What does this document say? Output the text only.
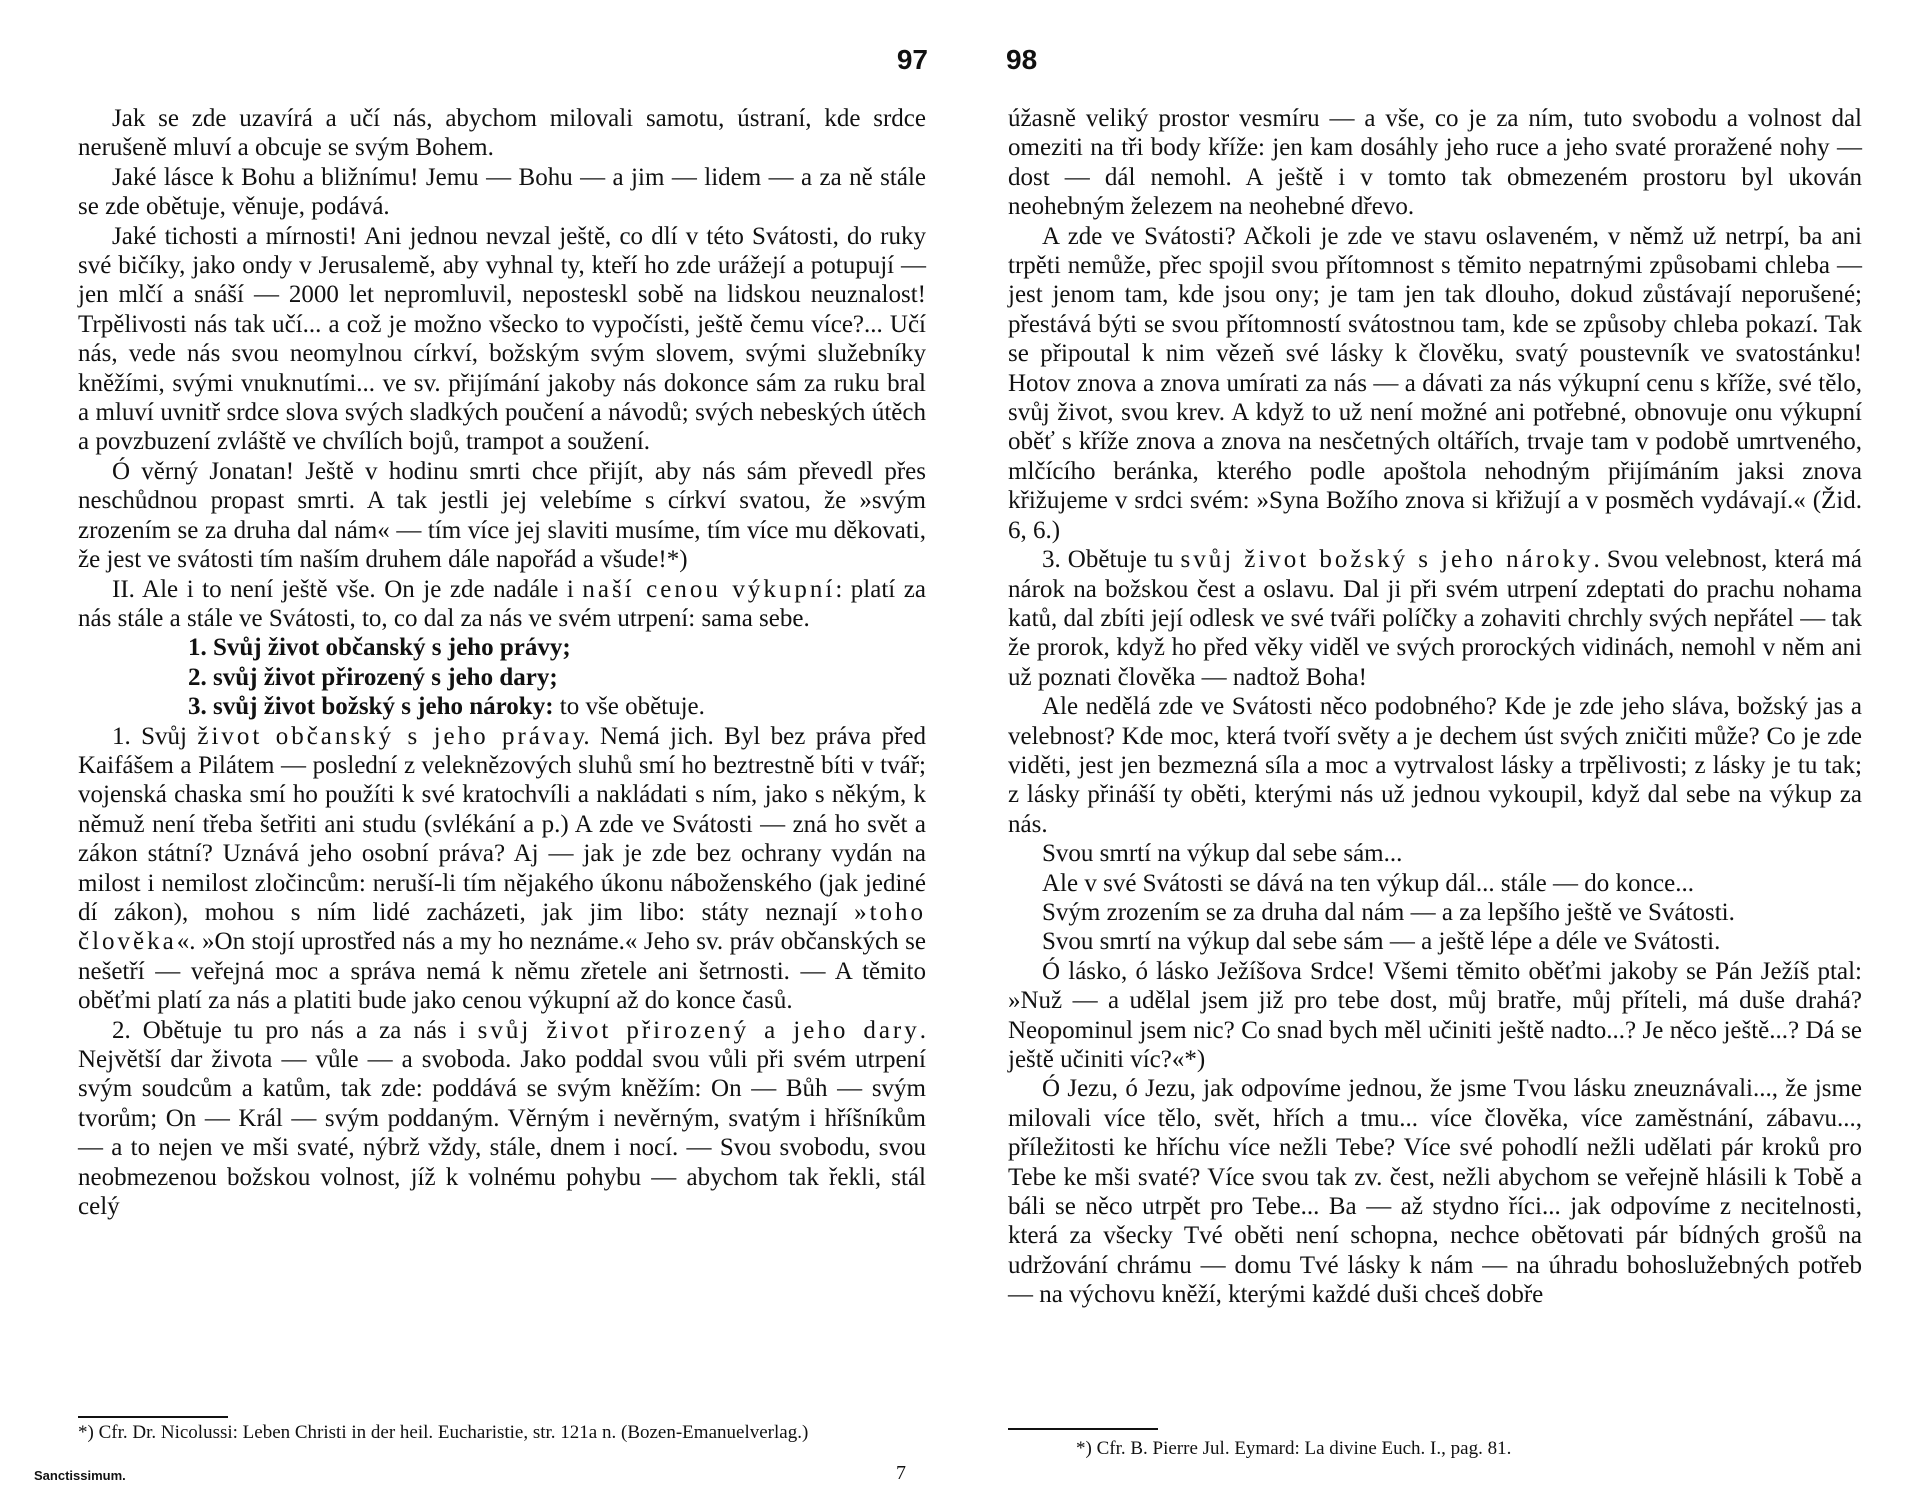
97

Jak se zde uzavírá a učí nás, abychom milovali samotu, ústraní, kde srdce nerušeně mluví a obcuje se svým Bohem.

Jaké lásce k Bohu a bližnímu! Jemu — Bohu — a jim — lidem — a za ně stále se zde obětuje, věnuje, podává.

Jaké tichosti a mírnosti! Ani jednou nevzal ještě, co dlí v této Svátosti, do ruky své bičíky, jako ondy v Jerusalemě, aby vyhnal ty, kteří ho zde urážejí a potupují — jen mlčí a snáší — 2000 let nepromluvil, neposteskl sobě na lidskou neuznalost! Trpělivosti nás tak učí... a což je možno všecko to vypočísti, ještě čemu více?... Učí nás, vede nás svou neomylnou církví, božským svým slovem, svými služebníky kněžími, svými vnuknutími... ve sv. přijímání jakoby nás dokonce sám za ruku bral a mluví uvnitř srdce slova svých sladkých poučení a návodů; svých nebeských útěch a povzbuzení zvláště ve chvílích bojů, trampot a soužení.

Ó věrný Jonatan! Ještě v hodinu smrti chce přijít, aby nás sám převedl přes neschůdnou propast smrti. A tak jestli jej velebíme s církví svatou, že »svým zrozením se za druha dal nám« — tím více jej slaviti musíme, tím více mu děkovati, že jest ve svátosti tím naším druhem dále napořád a všude!*)

II. Ale i to není ještě vše. On je zde nadále i naší cenou výkupní: platí za nás stále a stále ve Svátosti, to, co dal za nás ve svém utrpení: sama sebe.

1. Svůj život občanský s jeho právy;
2. svůj život přirozený s jeho dary;
3. svůj život božský s jeho nároky: to vše obětuje.

1. Svůj život občanský s jeho právay. Nemá jich. Byl bez práva před Kaifášem a Pilátem — poslední z veleknězových sluhů smí ho beztrestně bíti v tvář; vojenská chaska smí ho použíti k své kratochvíli a nakládati s ním, jako s někým, k němuž není třeba šetřiti ani studu (svlékání a p.) A zde ve Svátosti — zná ho svět a zákon státní? Uznává jeho osobní práva? Aj — jak je zde bez ochrany vydán na milost i nemilost zločincům: neruší-li tím nějakého úkonu náboženského (jak jediné dí zákon), mohou s ním lidé zacházeti, jak jim libo: státy neznají »toho člověka«. »On stojí uprostřed nás a my ho neznáme.« Jeho sv. práv občanských se nešetří — veřejná moc a správa nemá k němu zřetele ani šetrnosti. — A těmito oběťmi platí za nás a platiti bude jako cenou výkupní až do konce časů.

2. Obětuje tu pro nás a za nás i svůj život přirozený a jeho dary. Největší dar života — vůle — a svoboda. Jako poddal svou vůli při svém utrpení svým soudcům a katům, tak zde: poddává se svým kněžím: On — Bůh — svým tvorům; On — Král — svým poddaným. Věrným i nevěrným, svatým i hříšníkům — a to nejen ve mši svaté, nýbrž vždy, stále, dnem i nocí. — Svou svobodu, svou neobmezenou božskou volnost, jíž k volnému pohybu — abychom tak řekli, stál celý

*) Cfr. Dr. Nicolussi: Leben Christi in der heil. Eucharistie, str. 121a n. (Bozen-Emanuelverlag.)
Sanctissimum.	7
98

úžasně veliký prostor vesmíru — a vše, co je za ním, tuto svobodu a volnost dal omeziti na tři body kříže: jen kam dosáhly jeho ruce a jeho svaté proražené nohy — dost — dál nemohl. A ještě i v tomto tak obmezeném prostoru byl ukován neohebným železem na neohebné dřevo.

A zde ve Svátosti? Ačkoli je zde ve stavu oslaveném, v němž už netrpí, ba ani trpěti nemůže, přec spojil svou přítomnost s těmito nepatrnými způsobami chleba — jest jenom tam, kde jsou ony; je tam jen tak dlouho, dokud zůstávají neporušené; přestává býti se svou přítomností svátostnou tam, kde se způsoby chleba pokazí. Tak se připoutal k nim vězeň své lásky k člověku, svatý poustevník ve svatostánku! Hotov znova a znova umírati za nás — a dávati za nás výkupní cenu s kříže, své tělo, svůj život, svou krev. A když to už není možné ani potřebné, obnovuje onu výkupní oběť s kříže znova a znova na nesčetných oltářích, trvaje tam v podobě umrtveného, mlčícího beránka, kterého podle apoštola nehodným přijímáním jaksi znova křižujeme v srdci svém: »Syna Božího znova si křižují a v posměch vydávají.« (Žid. 6, 6.)

3. Obětuje tu svůj život božský s jeho nároky. Svou velebnost, která má nárok na božskou čest a oslavu. Dal ji při svém utrpení zdeptati do prachu nohama katů, dal zbíti její odlesk ve své tváři políčky a zohaviti chrchly svých nepřátel — tak že prorok, když ho před věky viděl ve svých prorockých vidinách, nemohl v něm ani už poznati člověka — nadtož Boha!

Ale nedělá zde ve Svátosti něco podobného? Kde je zde jeho sláva, božský jas a velebnost? Kde moc, která tvoří světy a je dechem úst svých zničiti může? Co je zde viděti, jest jen bezmezná síla a moc a vytrvalost lásky a trpělivosti; z lásky je tu tak; z lásky přináší ty oběti, kterými nás už jednou vykoupil, když dal sebe na výkup za nás.

Svou smrtí na výkup dal sebe sám...

Ale v své Svátosti se dává na ten výkup dál... stále — do konce...

Svým zrozením se za druha dal nám — a za lepšího ještě ve Svátosti.

Svou smrtí na výkup dal sebe sám — a ještě lépe a déle ve Svátosti.

Ó lásko, ó lásko Ježíšova Srdce! Všemi těmito oběťmi jakoby se Pán Ježíš ptal: »Nuž — a udělal jsem již pro tebe dost, můj bratře, můj příteli, má duše drahá? Neopominul jsem nic? Co snad bych měl učiniti ještě nadto...? Je něco ještě...? Dá se ještě učiniti víc?«*)

Ó Jezu, ó Jezu, jak odpovíme jednou, že jsme Tvou lásku zneuznávali..., že jsme milovali více tělo, svět, hřích a tmu... více člověka, více zaměstnání, zábavu..., příležitosti ke hříchu více nežli Tebe? Více své pohodlí nežli udělati pár kroků pro Tebe ke mši svaté? Více svou tak zv. čest, nežli abychom se veřejně hlásili k Tobě a báli se něco utrpět pro Tebe... Ba — až stydno říci... jak odpovíme z necitelnosti, která za všecky Tvé oběti není schopna, nechce obětovati pár bídných grošů na udržování chrámu — domu Tvé lásky k nám — na úhradu bohoslužebných potřeb — na výchovu kněží, kterými každé duši chceš dobře

*) Cfr. B. Pierre Jul. Eymard: La divine Euch. I., pag. 81.
